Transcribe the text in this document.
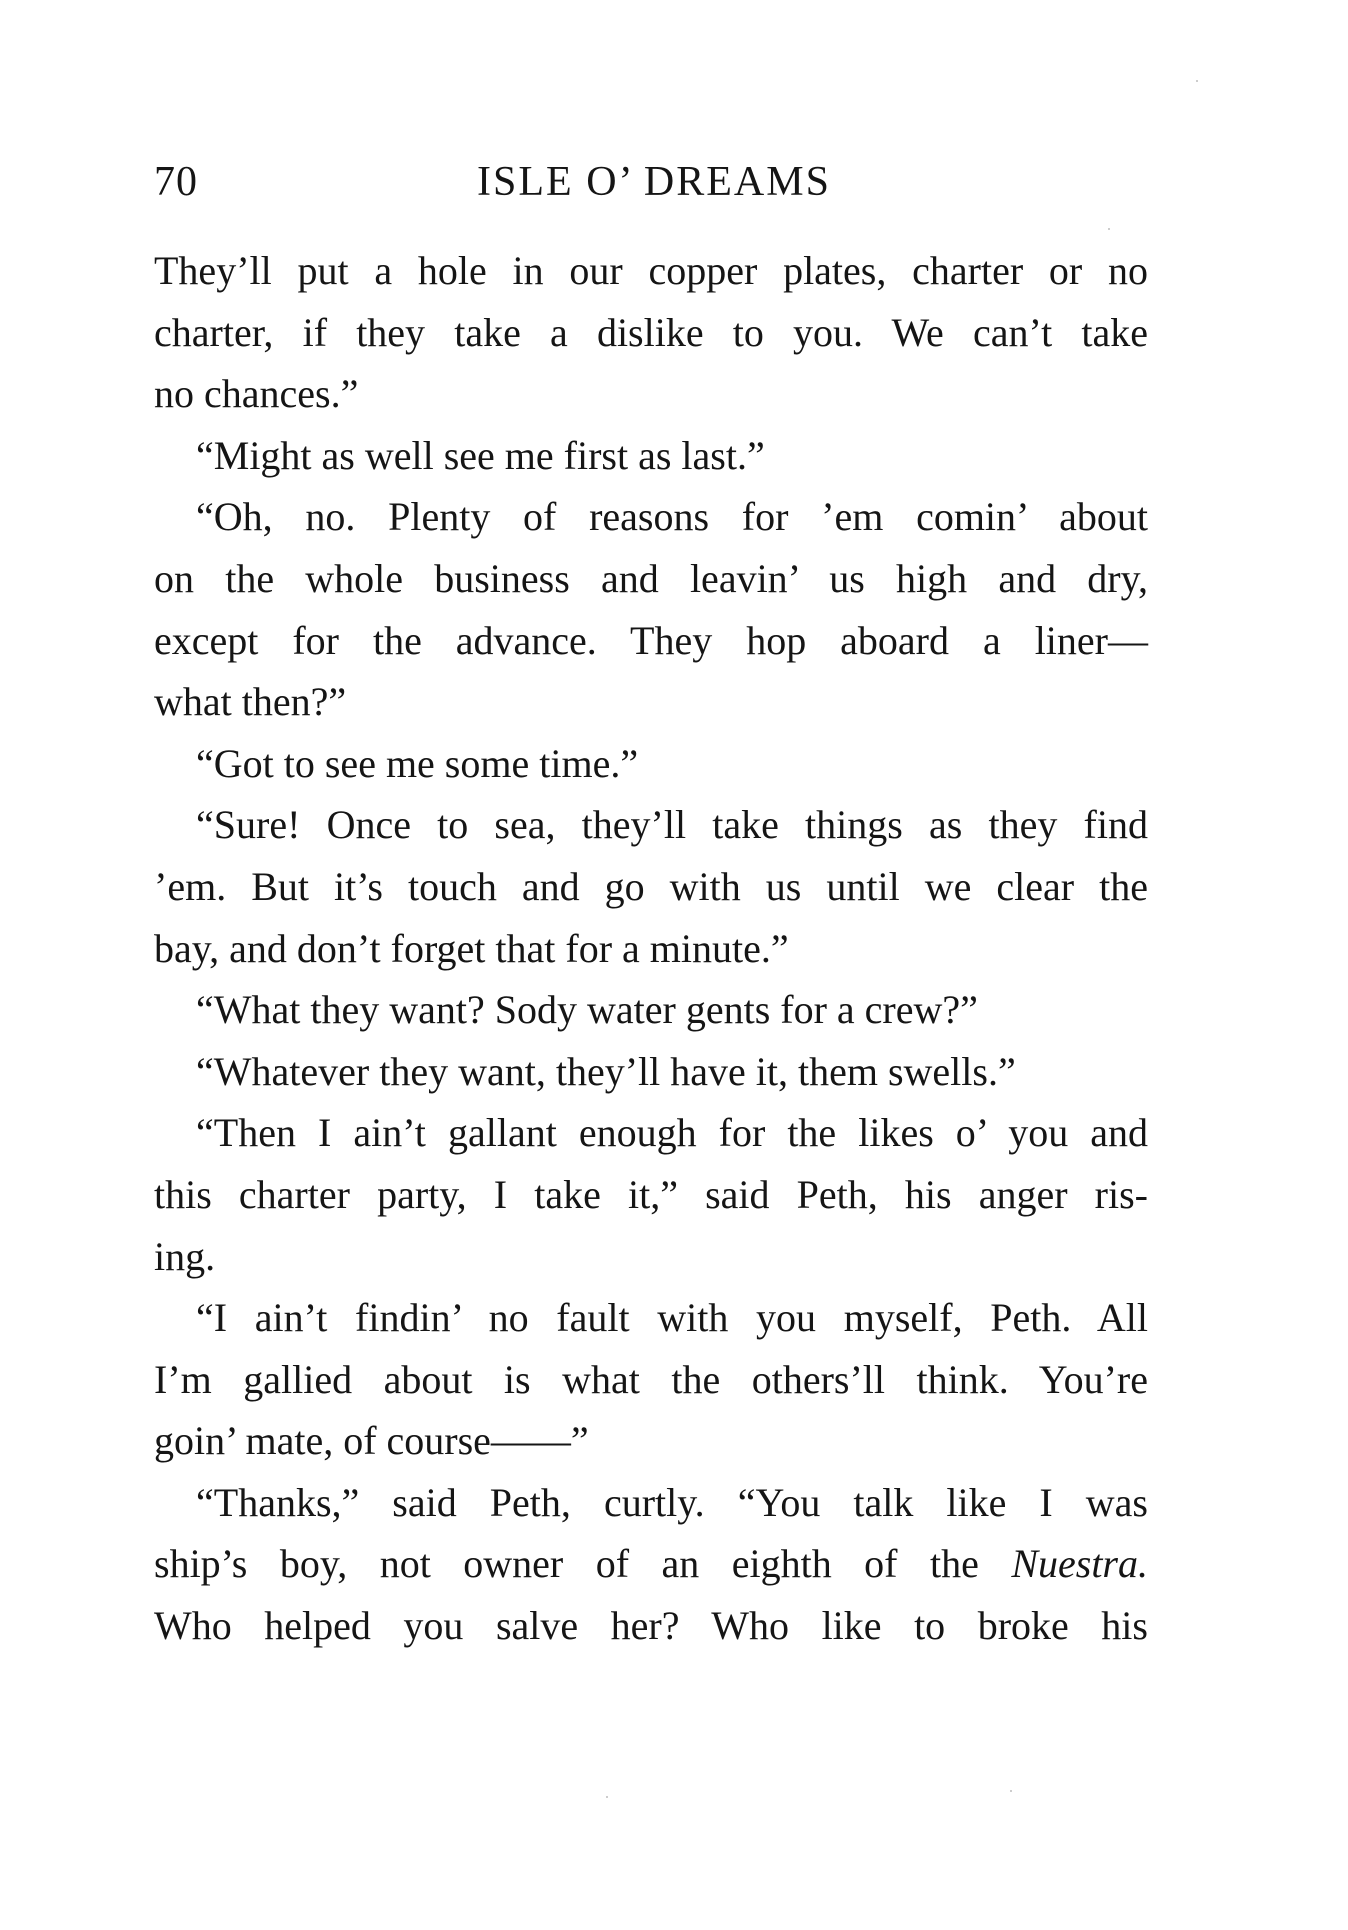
70	ISLE O’ DREAMS
They’ll put a hole in our copper plates, charter or no
charter, if they take a dislike to you. We can’t take
no chances.”
“Might as well see me first as last.”
“Oh, no. Plenty of reasons for ’em comin’ about
on the whole business and leavin’ us high and dry,
except for the advance. They hop aboard a liner—
what then?”
“Got to see me some time.”
“Sure! Once to sea, they’ll take things as they find
’em. But it’s touch and go with us until we clear the
bay, and don’t forget that for a minute.”
“What they want? Sody water gents for a crew?”
“Whatever they want, they’ll have it, them swells.”
“Then I ain’t gallant enough for the likes o’ you and
this charter party, I take it,” said Peth, his anger ris-
ing.
“I ain’t findin’ no fault with you myself, Peth. All
I’m gallied about is what the others’ll think. You’re
goin’ mate, of course——”
“Thanks,” said Peth, curtly. “You talk like I was
ship’s boy, not owner of an eighth of the Nuestra.
Who helped you salve her? Who like to broke his
